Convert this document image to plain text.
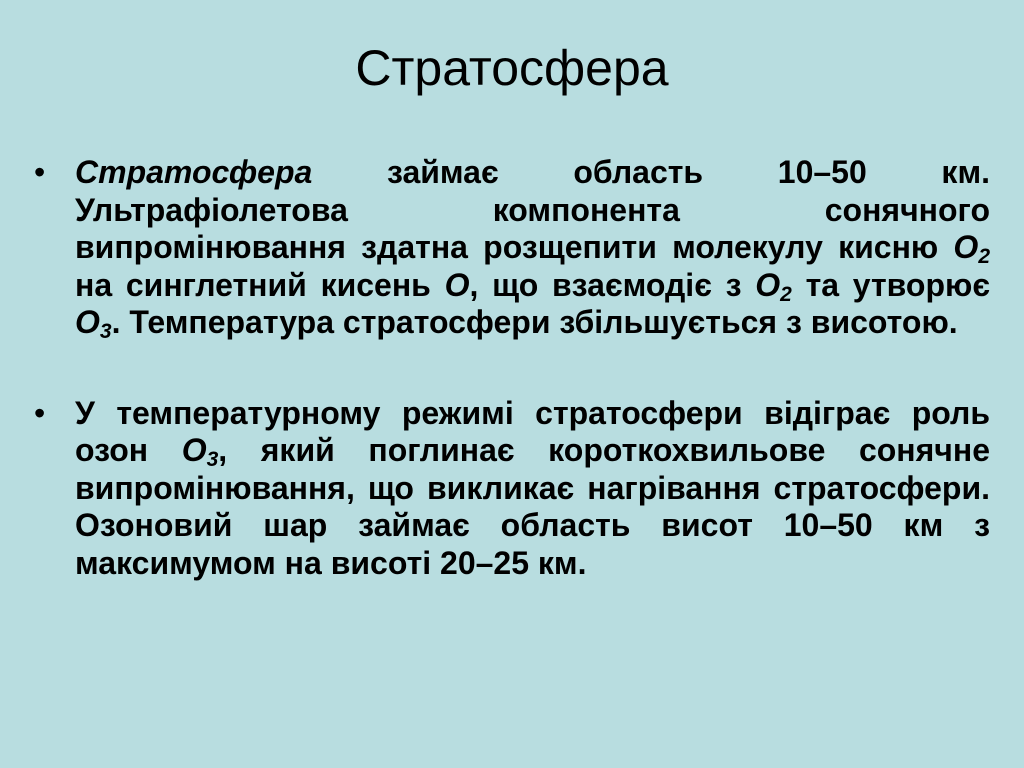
Стратосфера
• Стратосфера займає область 10–50 км. Ультрафіолетова компонента сонячного випромінювання здатна розщепити молекулу кисню $O_2$ на синглетний кисень O, що взаємодіє з $O_2$ та утворює $O_3$. Температура стратосфери збільшується з висотою.
• У температурному режимі стратосфери відіграє роль озон $O_3$, який поглинає короткохвильове сонячне випромінювання, що викликає нагрівання стратосфери. Озоновий шар займає область висот 10–50 км з максимумом на висоті 20–25 км.
